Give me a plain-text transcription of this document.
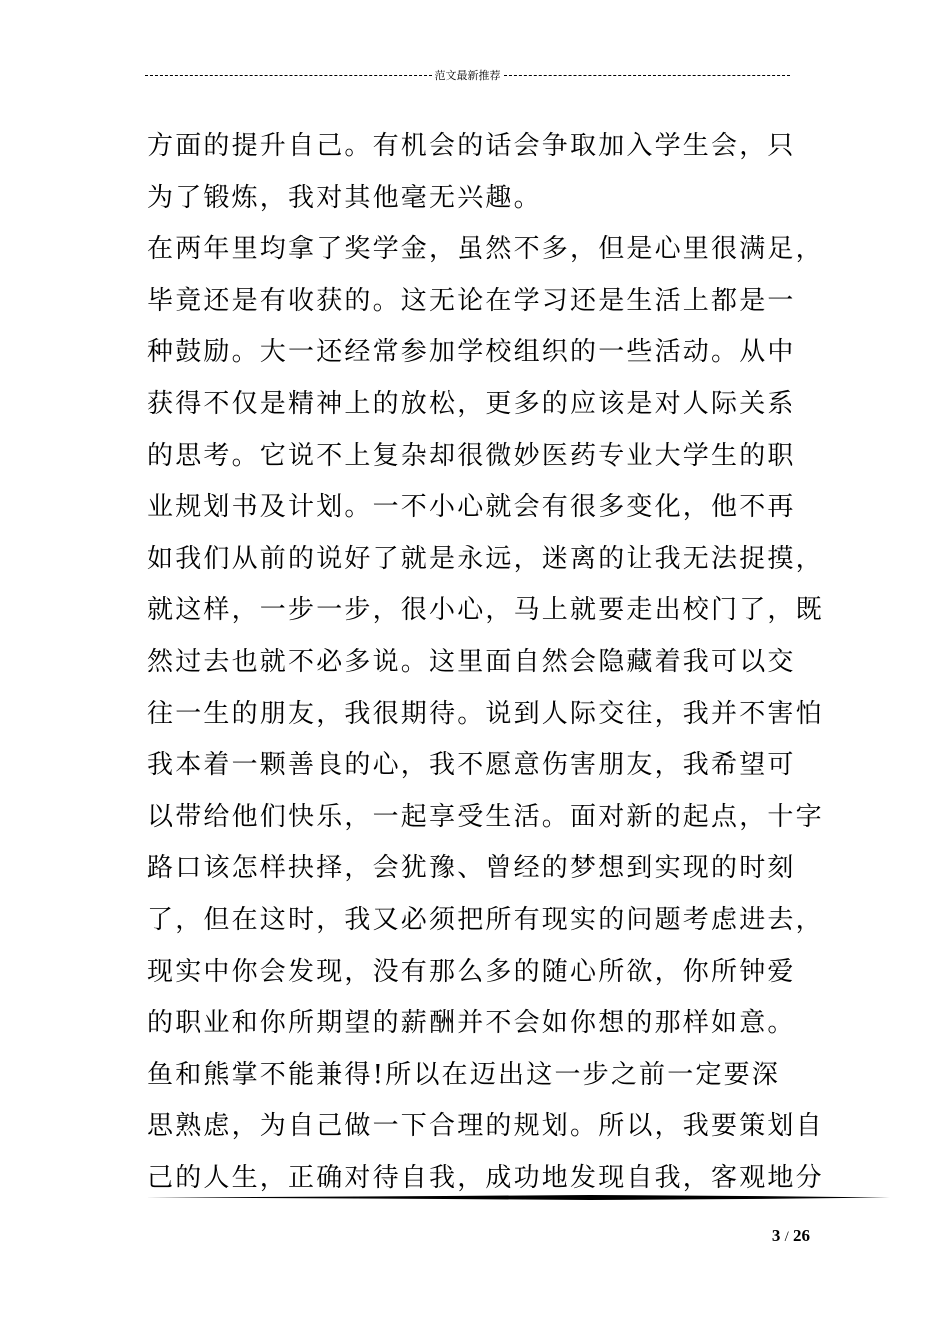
范文最新推荐
方面的提升自己。有机会的话会争取加入学生会，只
为了锻炼，我对其他毫无兴趣。
在两年里均拿了奖学金，虽然不多，但是心里很满足，
毕竟还是有收获的。这无论在学习还是生活上都是一
种鼓励。大一还经常参加学校组织的一些活动。从中
获得不仅是精神上的放松，更多的应该是对人际关系
的思考。它说不上复杂却很微妙医药专业大学生的职
业规划书及计划。一不小心就会有很多变化，他不再
如我们从前的说好了就是永远，迷离的让我无法捉摸，
就这样，一步一步，很小心，马上就要走出校门了，既
然过去也就不必多说。这里面自然会隐藏着我可以交
往一生的朋友，我很期待。说到人际交往，我并不害怕
我本着一颗善良的心，我不愿意伤害朋友，我希望可
以带给他们快乐，一起享受生活。面对新的起点，十字
路口该怎样抉择，会犹豫、曾经的梦想到实现的时刻
了，但在这时，我又必须把所有现实的问题考虑进去，
现实中你会发现，没有那么多的随心所欲，你所钟爱
的职业和你所期望的薪酬并不会如你想的那样如意。
鱼和熊掌不能兼得!所以在迈出这一步之前一定要深
思熟虑，为自己做一下合理的规划。所以，我要策划自
己的人生，正确对待自我，成功地发现自我，客观地分
3 / 26
